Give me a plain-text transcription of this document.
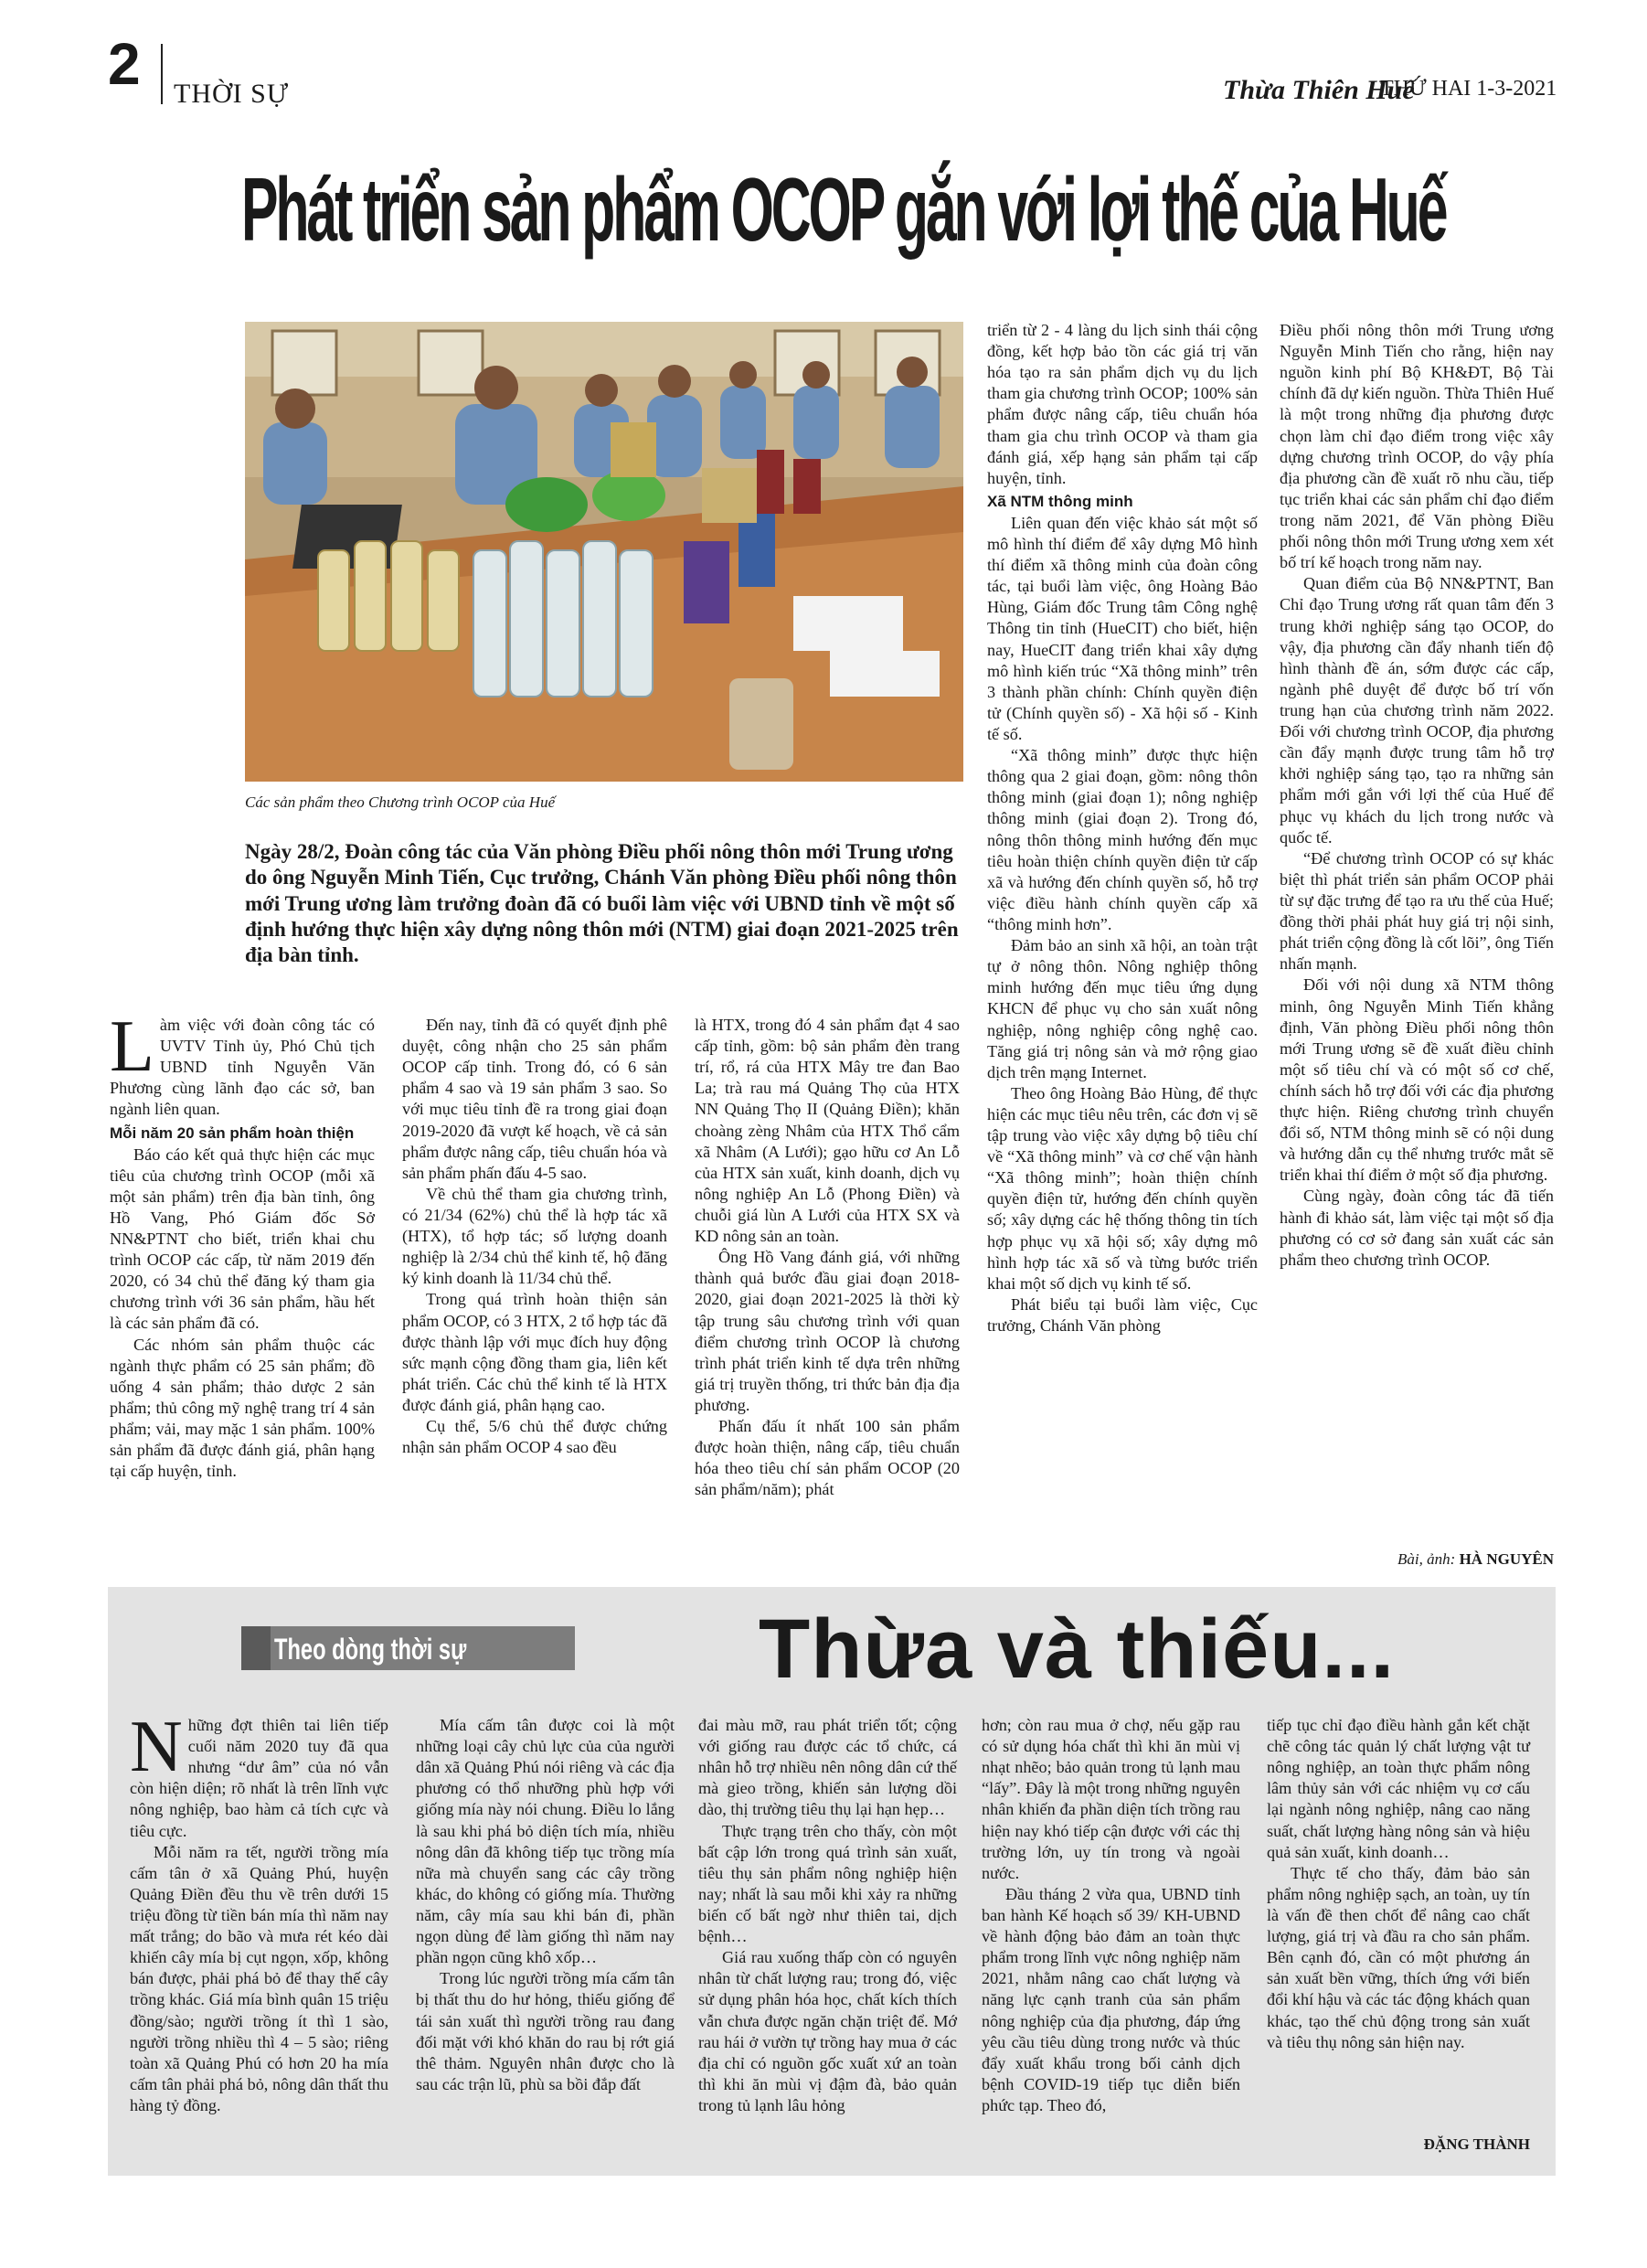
2 THỜI SỰ	Thừa Thiên Huế
THỨ HAI 1-3-2021
Phát triển sản phẩm OCOP gắn với lợi thế của Huế
Các sản phẩm theo Chương trình OCOP của Huế
Ngày 28/2, Đoàn công tác của Văn phòng Điều phối nông thôn mới Trung ương do ông Nguyễn Minh Tiến, Cục trưởng, Chánh Văn phòng Điều phối nông thôn mới Trung ương làm trưởng đoàn đã có buổi làm việc với UBND tỉnh về một số định hướng thực hiện xây dựng nông thôn mới (NTM) giai đoạn 2021-2025 trên địa bàn tỉnh.

Làm việc với đoàn công tác có UVTV Tỉnh ủy, Phó Chủ tịch UBND tỉnh Nguyễn Văn Phương cùng lãnh đạo các sở, ban ngành liên quan.

Mỗi năm 20 sản phẩm hoàn thiện

Báo cáo kết quả thực hiện các mục tiêu của chương trình OCOP (mỗi xã một sản phẩm) trên địa bàn tỉnh, ông Hồ Vang, Phó Giám đốc Sở NN&PTNT cho biết, triển khai chu trình OCOP các cấp, từ năm 2019 đến 2020, có 34 chủ thể đăng ký tham gia chương trình với 36 sản phẩm, hầu hết là các sản phẩm đã có.

Các nhóm sản phẩm thuộc các ngành thực phẩm có 25 sản phẩm; đồ uống 4 sản phẩm; thảo dược 2 sản phẩm; thủ công mỹ nghệ trang trí 4 sản phẩm; vải, may mặc 1 sản phẩm. 100% sản phẩm đã được đánh giá, phân hạng tại cấp huyện, tỉnh.

Đến nay, tỉnh đã có quyết định phê duyệt, công nhận cho 25 sản phẩm OCOP cấp tỉnh. Trong đó, có 6 sản phẩm 4 sao và 19 sản phẩm 3 sao. So với mục tiêu tỉnh đề ra trong giai đoạn 2019-2020 đã vượt kế hoạch, về cả sản phẩm được nâng cấp, tiêu chuẩn hóa và sản phẩm phấn đấu 4-5 sao.

Về chủ thể tham gia chương trình, có 21/34 (62%) chủ thể là hợp tác xã (HTX), tổ hợp tác; số lượng doanh nghiệp là 2/34 chủ thể kinh tế, hộ đăng ký kinh doanh là 11/34 chủ thể.

Trong quá trình hoàn thiện sản phẩm OCOP, có 3 HTX, 2 tổ hợp tác đã được thành lập với mục đích huy động sức mạnh cộng đồng tham gia, liên kết phát triển. Các chủ thể kinh tế là HTX được đánh giá, phân hạng cao.

Cụ thể, 5/6 chủ thể được chứng nhận sản phẩm OCOP 4 sao đều

là HTX, trong đó 4 sản phẩm đạt 4 sao cấp tỉnh, gồm: bộ sản phẩm đèn trang trí, rổ, rá của HTX Mây tre đan Bao La; trà rau má Quảng Thọ của HTX NN Quảng Thọ II (Quảng Điền); khăn choàng zèng Nhâm của HTX Thổ cẩm xã Nhâm (A Lưới); gạo hữu cơ An Lỗ của HTX sản xuất, kinh doanh, dịch vụ nông nghiệp An Lỗ (Phong Điền) và chuỗi giá lùn A Lưới của HTX SX và KD nông sản an toàn.

Ông Hồ Vang đánh giá, với những thành quả bước đầu giai đoạn 2018-2020, giai đoạn 2021-2025 là thời kỳ tập trung sâu chương trình với quan điểm chương trình OCOP là chương trình phát triển kinh tế dựa trên những giá trị truyền thống, tri thức bản địa địa phương.

Phấn đấu ít nhất 100 sản phẩm được hoàn thiện, nâng cấp, tiêu chuẩn hóa theo tiêu chí sản phẩm OCOP (20 sản phẩm/năm); phát

triển từ 2 - 4 làng du lịch sinh thái cộng đồng, kết hợp bảo tồn các giá trị văn hóa tạo ra sản phẩm dịch vụ du lịch tham gia chương trình OCOP; 100% sản phẩm được nâng cấp, tiêu chuẩn hóa tham gia chu trình OCOP và tham gia đánh giá, xếp hạng sản phẩm tại cấp huyện, tỉnh.

Xã NTM thông minh

Liên quan đến việc khảo sát một số mô hình thí điểm để xây dựng Mô hình thí điểm xã thông minh của đoàn công tác, tại buổi làm việc, ông Hoàng Bảo Hùng, Giám đốc Trung tâm Công nghệ Thông tin tỉnh (HueCIT) cho biết, hiện nay, HueCIT đang triển khai xây dựng mô hình kiến trúc “Xã thông minh” trên 3 thành phần chính: Chính quyền điện tử (Chính quyền số) - Xã hội số - Kinh tế số.

“Xã thông minh” được thực hiện thông qua 2 giai đoạn, gồm: nông thôn thông minh (giai đoạn 1); nông nghiệp thông minh (giai đoạn 2). Trong đó, nông thôn thông minh hướng đến mục tiêu hoàn thiện chính quyền điện tử cấp xã và hướng đến chính quyền số, hỗ trợ việc điều hành chính quyền cấp xã “thông minh hơn”.

Đảm bảo an sinh xã hội, an toàn trật tự ở nông thôn. Nông nghiệp thông minh hướng đến mục tiêu ứng dụng KHCN để phục vụ cho sản xuất nông nghiệp, nông nghiệp công nghệ cao. Tăng giá trị nông sản và mở rộng giao dịch trên mạng Internet.

Theo ông Hoàng Bảo Hùng, để thực hiện các mục tiêu nêu trên, các đơn vị sẽ tập trung vào việc xây dựng bộ tiêu chí về “Xã thông minh” và cơ chế vận hành “Xã thông minh”; hoàn thiện chính quyền điện tử, hướng đến chính quyền số; xây dựng các hệ thống thông tin tích hợp phục vụ xã hội số; xây dựng mô hình hợp tác xã số và từng bước triển khai một số dịch vụ kinh tế số.

Phát biểu tại buổi làm việc, Cục trưởng, Chánh Văn phòng

Điều phối nông thôn mới Trung ương Nguyễn Minh Tiến cho rằng, hiện nay nguồn kinh phí Bộ KH&ĐT, Bộ Tài chính đã dự kiến nguồn. Thừa Thiên Huế là một trong những địa phương được chọn làm chỉ đạo điểm trong việc xây dựng chương trình OCOP, do vậy phía địa phương cần đề xuất rõ nhu cầu, tiếp tục triển khai các sản phẩm chỉ đạo điểm trong năm 2021, để Văn phòng Điều phối nông thôn mới Trung ương xem xét bố trí kế hoạch trong năm nay.

Quan điểm của Bộ NN&PTNT, Ban Chỉ đạo Trung ương rất quan tâm đến 3 trung khởi nghiệp sáng tạo OCOP, do vậy, địa phương cần đẩy nhanh tiến độ hình thành đề án, sớm được các cấp, ngành phê duyệt để được bố trí vốn trung hạn của chương trình năm 2022. Đối với chương trình OCOP, địa phương cần đẩy mạnh được trung tâm hỗ trợ khởi nghiệp sáng tạo, tạo ra những sản phẩm mới gắn với lợi thế của Huế để phục vụ khách du lịch trong nước và quốc tế.

“Để chương trình OCOP có sự khác biệt thì phát triển sản phẩm OCOP phải từ sự đặc trưng để tạo ra ưu thế của Huế; đồng thời phải phát huy giá trị nội sinh, phát triển cộng đồng là cốt lõi”, ông Tiến nhấn mạnh.

Đối với nội dung xã NTM thông minh, ông Nguyễn Minh Tiến khẳng định, Văn phòng Điều phối nông thôn mới Trung ương sẽ đề xuất điều chỉnh một số tiêu chí và có một số cơ chế, chính sách hỗ trợ đối với các địa phương thực hiện. Riêng chương trình chuyển đổi số, NTM thông minh sẽ có nội dung và hướng dẫn cụ thể nhưng trước mắt sẽ triển khai thí điểm ở một số địa phương.

Cùng ngày, đoàn công tác đã tiến hành đi khảo sát, làm việc tại một số địa phương có cơ sở đang sản xuất các sản phẩm theo chương trình OCOP.

Bài, ảnh: HÀ NGUYÊN
Theo dòng thời sự	Thừa và thiếu...

Những đợt thiên tai liên tiếp cuối năm 2020 tuy đã qua nhưng “dư âm” của nó vẫn còn hiện diện; rõ nhất là trên lĩnh vực nông nghiệp, bao hàm cả tích cực và tiêu cực.

Mỗi năm ra tết, người trồng mía cấm tân ở xã Quảng Phú, huyện Quảng Điền đều thu về trên dưới 15 triệu đồng từ tiền bán mía thì năm nay mất trắng; do bão và mưa rét kéo dài khiến cây mía bị cụt ngọn, xốp, không bán được, phải phá bỏ để thay thế cây trồng khác. Giá mía bình quân 15 triệu đồng/sào; người trồng ít thì 1 sào, người trồng nhiều thì 4 – 5 sào; riêng toàn xã Quảng Phú có hơn 20 ha mía cấm tân phải phá bỏ, nông dân thất thu hàng tỷ đồng.

Mía cấm tân được coi là một những loại cây chủ lực của của người dân xã Quảng Phú nói riêng và các địa phương có thổ nhưỡng phù hợp với giống mía này nói chung. Điều lo lắng là sau khi phá bỏ diện tích mía, nhiều nông dân đã không tiếp tục trồng mía nữa mà chuyển sang các cây trồng khác, do không có giống mía. Thường năm, cây mía sau khi bán đi, phần ngọn dùng để làm giống thì năm nay phần ngọn cũng khô xốp…

Trong lúc người trồng mía cấm tân bị thất thu do hư hỏng, thiếu giống để tái sản xuất thì người trồng rau đang đối mặt với khó khăn do rau bị rớt giá thê thảm. Nguyên nhân được cho là sau các trận lũ, phù sa bồi đắp đất

đai màu mỡ, rau phát triển tốt; cộng với giống rau được các tổ chức, cá nhân hỗ trợ nhiều nên nông dân cứ thế mà gieo trồng, khiến sản lượng dồi dào, thị trường tiêu thụ lại hạn hẹp…

Thực trạng trên cho thấy, còn một bất cập lớn trong quá trình sản xuất, tiêu thụ sản phẩm nông nghiệp hiện nay; nhất là sau mỗi khi xảy ra những biến cố bất ngờ như thiên tai, dịch bệnh…

Giá rau xuống thấp còn có nguyên nhân từ chất lượng rau; trong đó, việc sử dụng phân hóa học, chất kích thích vẫn chưa được ngăn chặn triệt để. Mớ rau hái ở vườn tự trồng hay mua ở các địa chỉ có nguồn gốc xuất xứ an toàn thì khi ăn mùi vị đậm đà, bảo quản trong tủ lạnh lâu hỏng

hơn; còn rau mua ở chợ, nếu gặp rau có sử dụng hóa chất thì khi ăn mùi vị nhạt nhẽo; bảo quản trong tủ lạnh mau “lấy”. Đây là một trong những nguyên nhân khiến đa phần diện tích trồng rau hiện nay khó tiếp cận được với các thị trường lớn, uy tín trong và ngoài nước.

Đầu tháng 2 vừa qua, UBND tỉnh ban hành Kế hoạch số 39/ KH-UBND về hành động bảo đảm an toàn thực phẩm trong lĩnh vực nông nghiệp năm 2021, nhằm nâng cao chất lượng và năng lực cạnh tranh của sản phẩm nông nghiệp của địa phương, đáp ứng yêu cầu tiêu dùng trong nước và thúc đẩy xuất khẩu trong bối cảnh dịch bệnh COVID-19 tiếp tục diễn biến phức tạp. Theo đó,

tiếp tục chỉ đạo điều hành gắn kết chặt chẽ công tác quản lý chất lượng vật tư nông nghiệp, an toàn thực phẩm nông lâm thủy sản với các nhiệm vụ cơ cấu lại ngành nông nghiệp, nâng cao năng suất, chất lượng hàng nông sản và hiệu quả sản xuất, kinh doanh…

Thực tế cho thấy, đảm bảo sản phẩm nông nghiệp sạch, an toàn, uy tín là vấn đề then chốt để nâng cao chất lượng, giá trị và đầu ra cho sản phẩm. Bên cạnh đó, cần có một phương án sản xuất bền vững, thích ứng với biến đổi khí hậu và các tác động khách quan khác, tạo thế chủ động trong sản xuất và tiêu thụ nông sản hiện nay.

ĐẶNG THÀNH
